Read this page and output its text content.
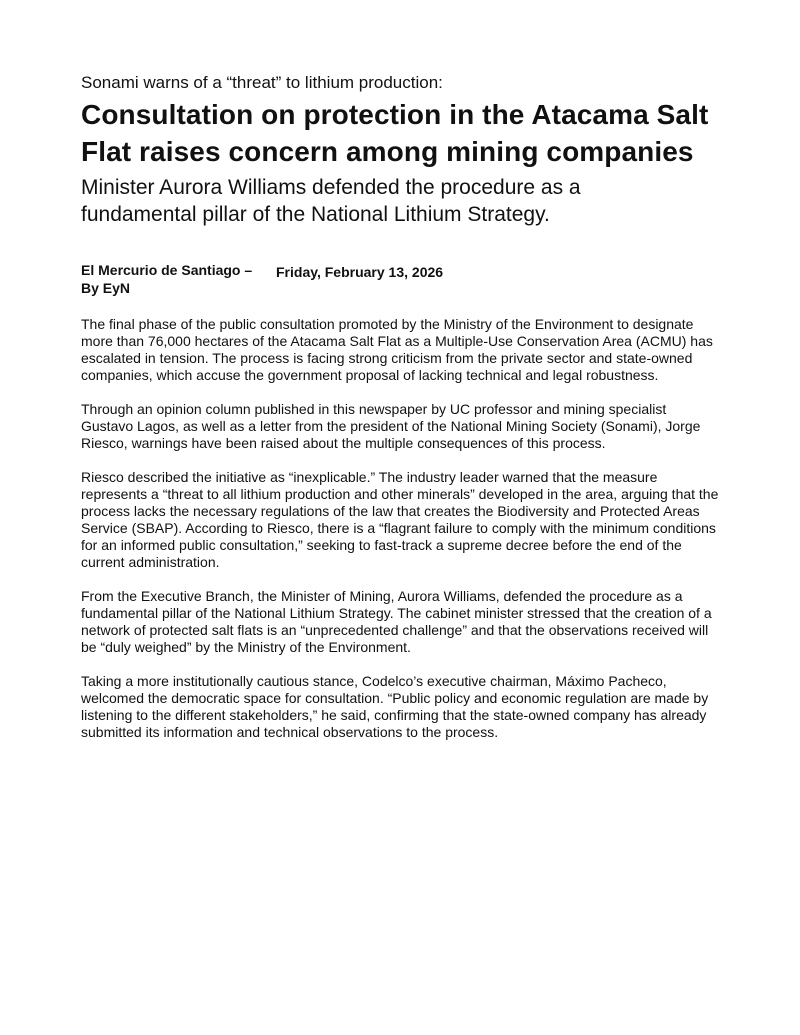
Sonami warns of a “threat” to lithium production:
Consultation on protection in the Atacama Salt Flat raises concern among mining companies
Minister Aurora Williams defended the procedure as a fundamental pillar of the National Lithium Strategy.
El Mercurio de Santiago – Friday, February 13, 2026
By EyN

The final phase of the public consultation promoted by the Ministry of the Environment to designate more than 76,000 hectares of the Atacama Salt Flat as a Multiple-Use Conservation Area (ACMU) has escalated in tension. The process is facing strong criticism from the private sector and state-owned companies, which accuse the government proposal of lacking technical and legal robustness.

Through an opinion column published in this newspaper by UC professor and mining specialist Gustavo Lagos, as well as a letter from the president of the National Mining Society (Sonami), Jorge Riesco, warnings have been raised about the multiple consequences of this process.

Riesco described the initiative as “inexplicable.” The industry leader warned that the measure represents a “threat to all lithium production and other minerals” developed in the area, arguing that the process lacks the necessary regulations of the law that creates the Biodiversity and Protected Areas Service (SBAP). According to Riesco, there is a “flagrant failure to comply with the minimum conditions for an informed public consultation,” seeking to fast-track a supreme decree before the end of the current administration.

From the Executive Branch, the Minister of Mining, Aurora Williams, defended the procedure as a fundamental pillar of the National Lithium Strategy. The cabinet minister stressed that the creation of a network of protected salt flats is an “unprecedented challenge” and that the observations received will be “duly weighed” by the Ministry of the Environment.

Taking a more institutionally cautious stance, Codelco’s executive chairman, Máximo Pacheco, welcomed the democratic space for consultation. “Public policy and economic regulation are made by listening to the different stakeholders,” he said, confirming that the state-owned company has already submitted its information and technical observations to the process.
